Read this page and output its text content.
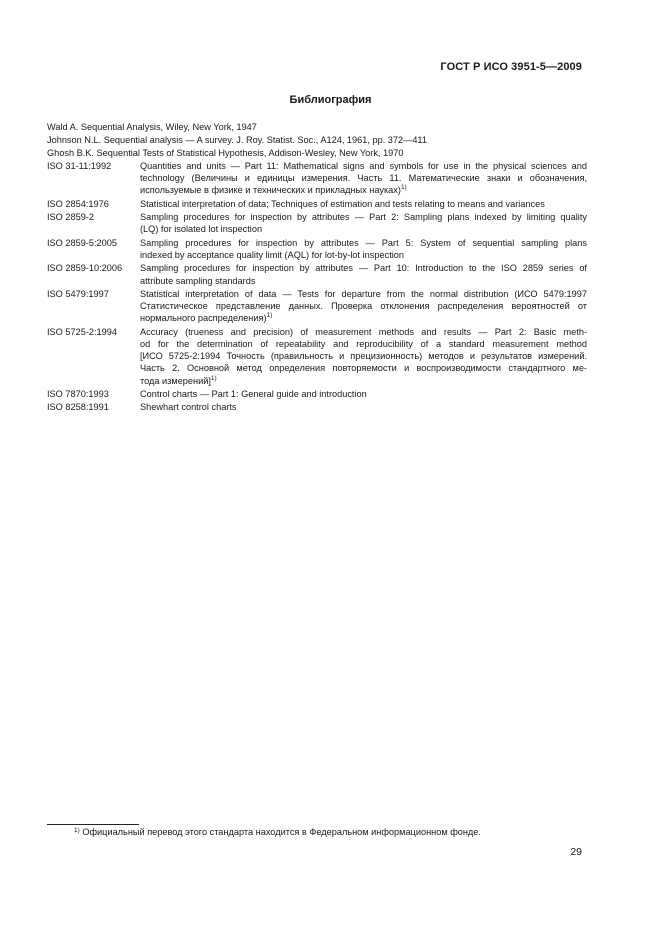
ГОСТ Р ИСО 3951-5—2009
Библиография
Wald A. Sequential Analysis, Wiley, New York, 1947
Johnson N.L. Sequential analysis — A survey. J. Roy. Statist. Soc., A124, 1961, pp. 372—411
Ghosh B.K. Sequential Tests of Statistical Hypothesis, Addison-Wesley, New York, 1970
ISO 31-11:1992	Quantities and units — Part 11: Mathematical signs and symbols for use in the physical sciences and
technology (Величины и единицы измерения. Часть 11. Математические знаки и обозначения,
используемые в физике и технических и прикладных науках)$^{1)}$
ISO 2854:1976	Statistical interpretation of data; Techniques of estimation and tests relating to means and variances
ISO 2859-2	Sampling procedures for inspection by attributes — Part 2: Sampling plans indexed by limiting quality
(LQ) for isolated lot inspection
ISO 2859-5:2005	Sampling procedures for inspection by attributes — Part 5: System of sequential sampling plans
indexed by acceptance quality limit (AQL) for lot-by-lot inspection
ISO 2859-10:2006	Sampling procedures for inspection by attributes — Part 10: Introduction to the ISO 2859 series of
attribute sampling standards
ISO 5479:1997	Statistical interpretation of data — Tests for departure from the normal distribution (ИСО 5479:1997
Статистическое представление данных. Проверка отклонения распределения вероятностей от
нормального распределения)$^{1)}$
ISO 5725-2:1994	Accuracy (trueness and precision) of measurement methods and results — Part 2: Basic meth-
od for the determination of repeatability and reproducibility of a standard measurement method
[ИСО 5725-2:1994 Точность (правильность и прецизионность) методов и результатов измерений.
Часть 2. Основной метод определения повторяемости и воспроизводимости стандартного ме-
тода измерений]$^{1)}$
ISO 7870:1993	Control charts — Part 1: General guide and introduction
ISO 8258:1991	Shewhart control charts
$^{1)}$ Официальный перевод этого стандарта находится в Федеральном информационном фонде.
29
